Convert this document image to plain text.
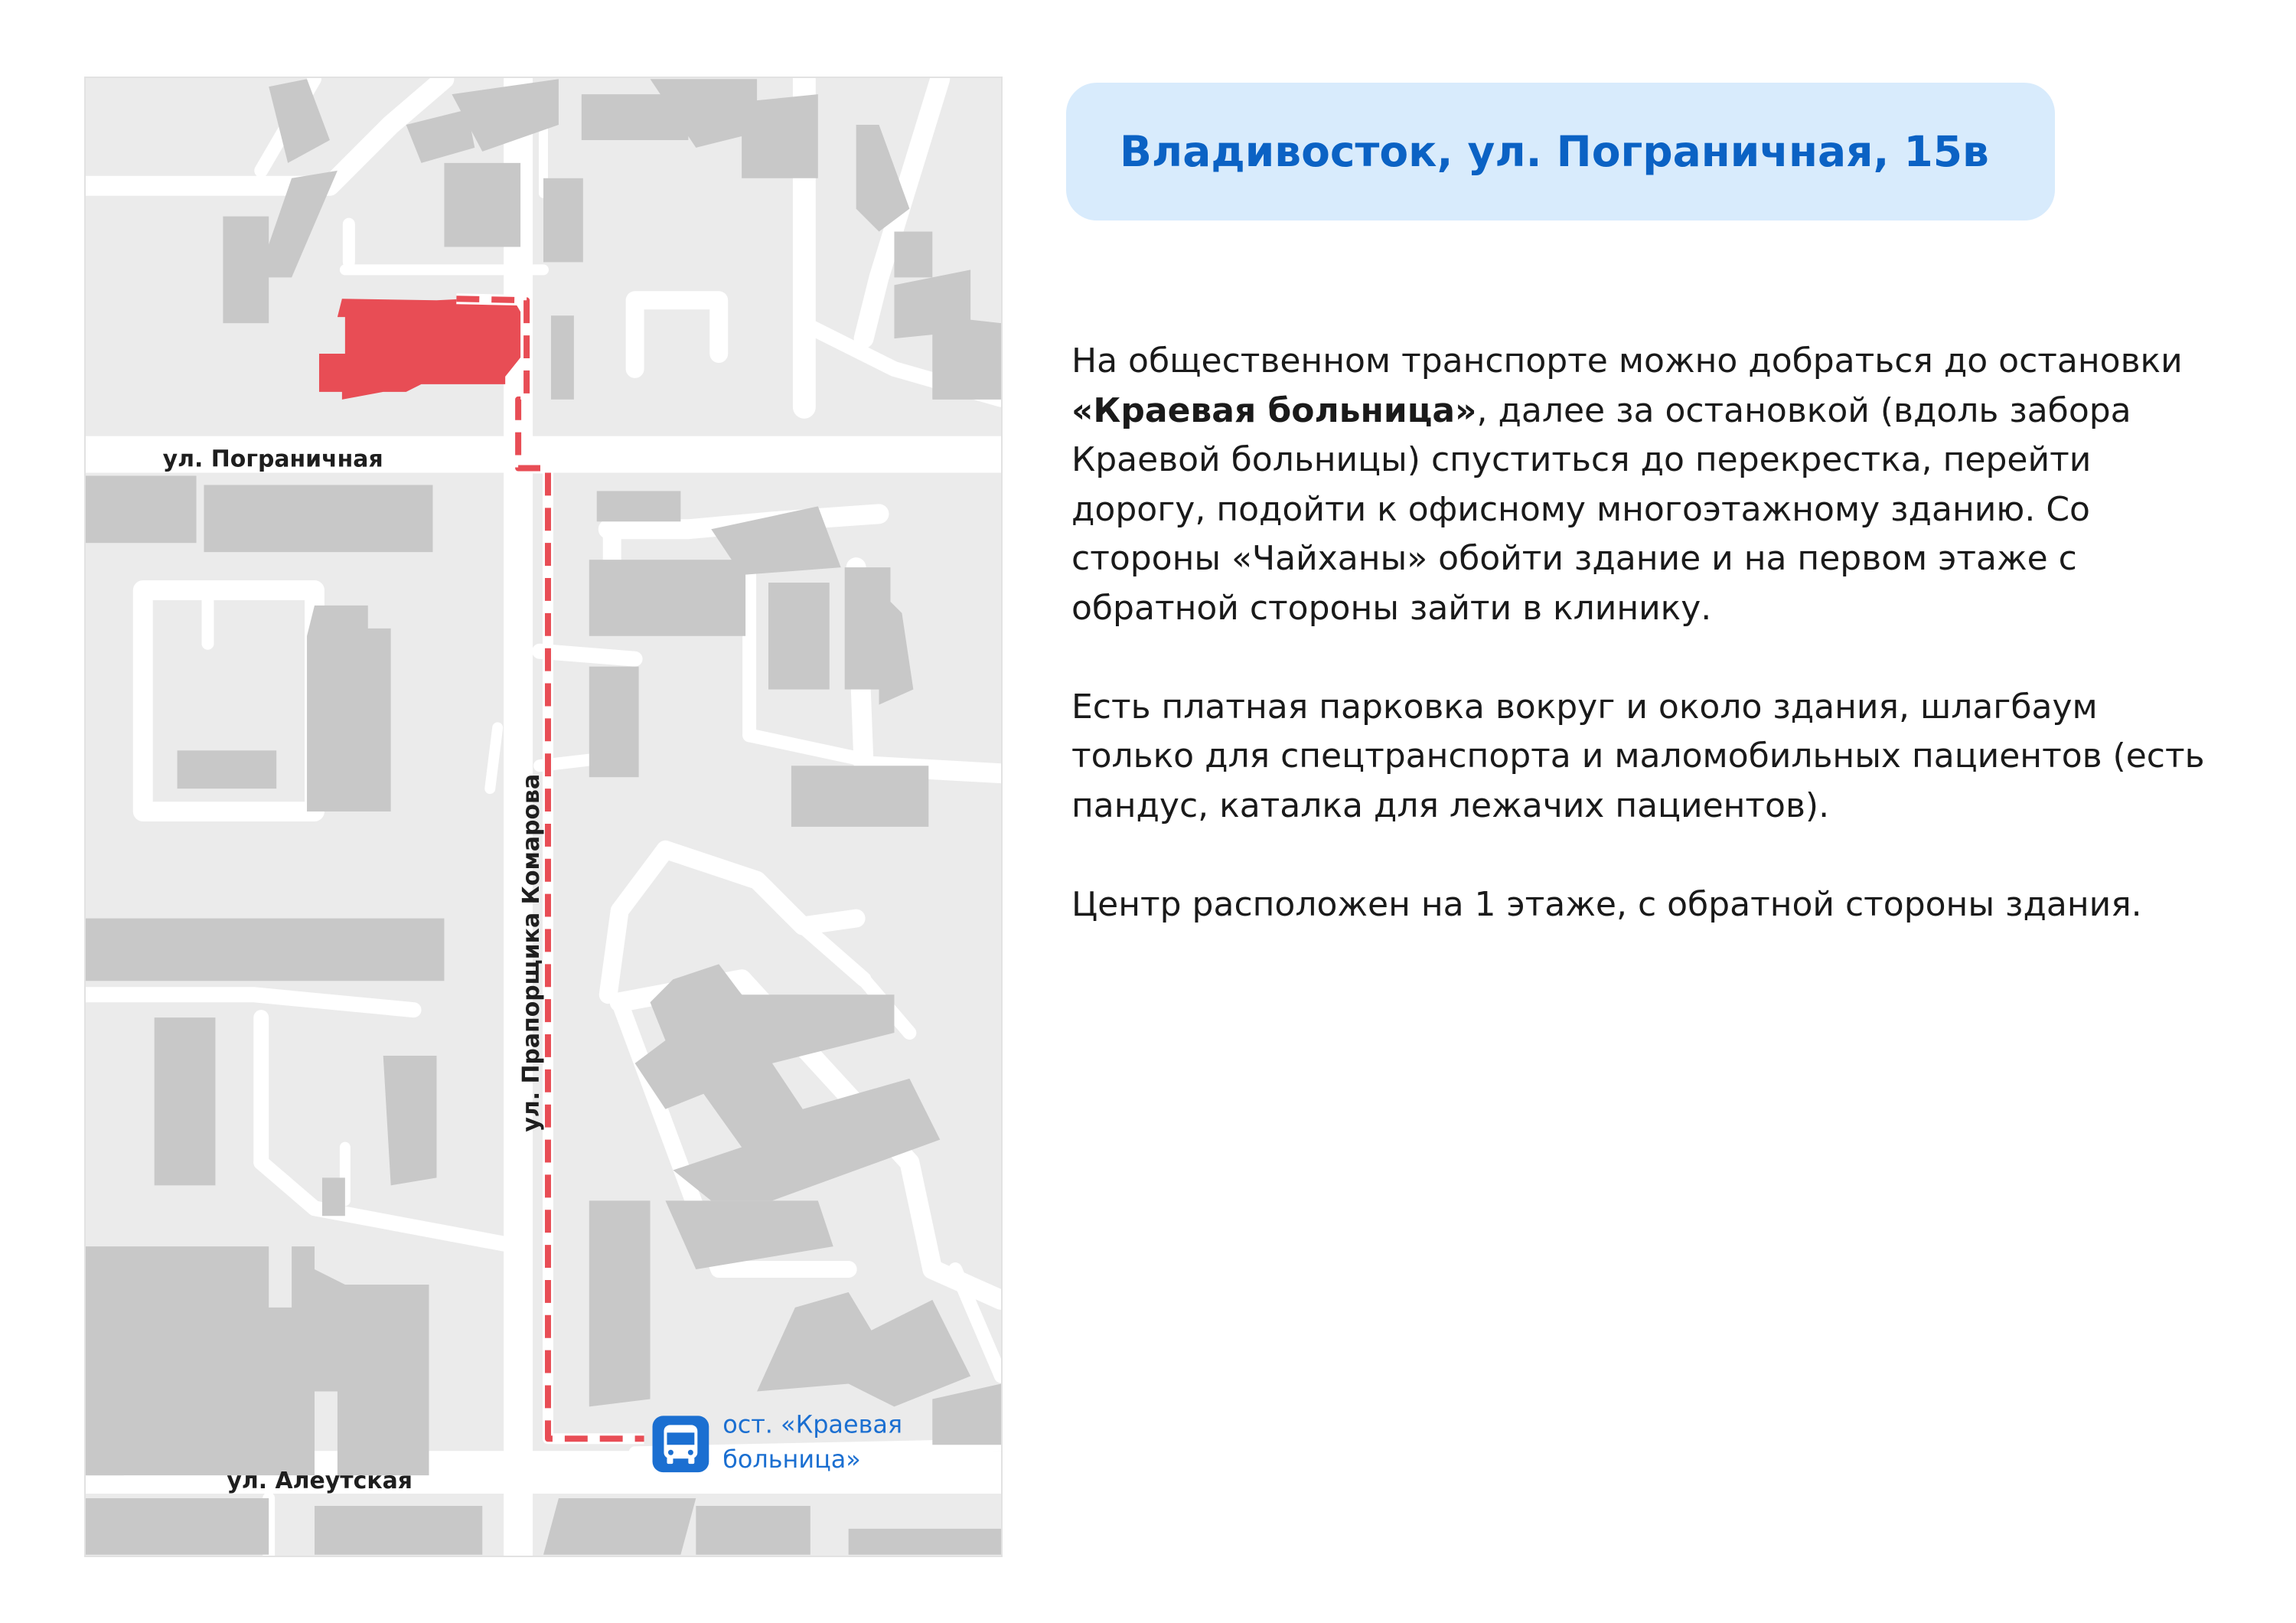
ул. Пограничная
ул. Алеутская
ул. Прапорщика Комарова
ост. «Краевая
больница»
Владивосток, ул. Пограничная, 15в

На общественном транспорте можно добраться до остановки «Краевая больница», далее за остановкой (вдоль забора Краевой больницы) спуститься до перекрестка, перейти дорогу, подойти к офисному многоэтажному зданию. Со стороны «Чайханы» обойти здание и на первом этаже с обратной стороны зайти в клинику.

Есть платная парковка вокруг и около здания, шлагбаум только для спецтранспорта и маломобильных пациентов (есть пандус, каталка для лежачих пациентов).

Центр расположен на 1 этаже, с обратной стороны здания.
